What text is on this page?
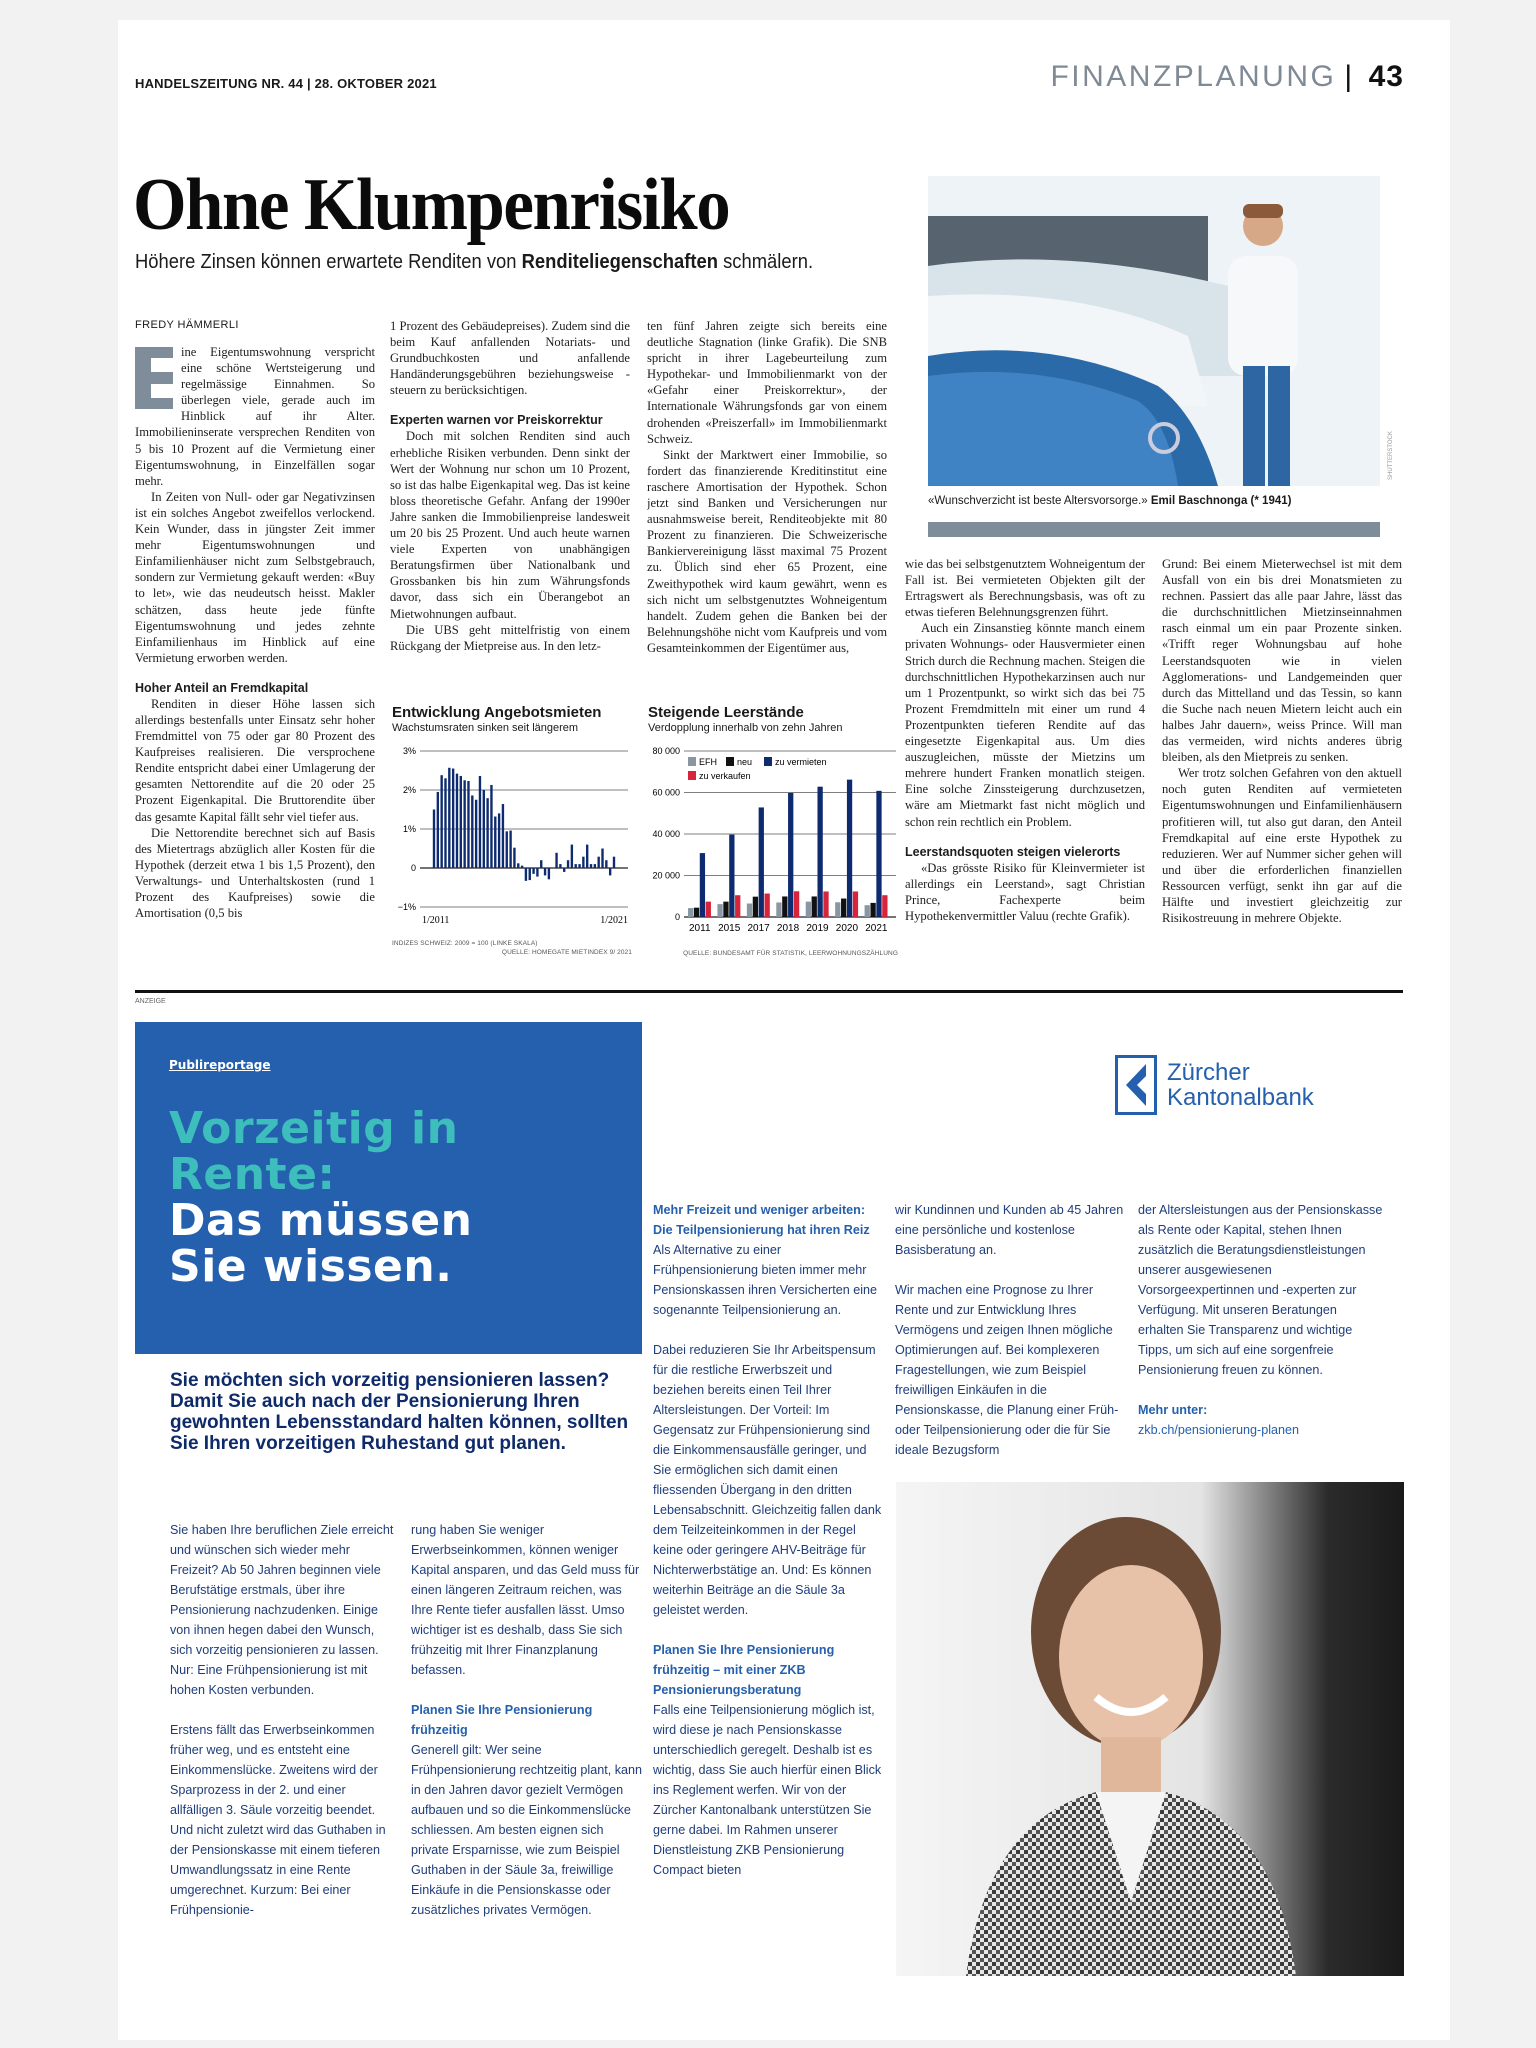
HANDELSZEITUNG NR. 44 | 28. OKTOBER 2021	FINANZPLANUNG | 43
Ohne Klumpenrisiko
Höhere Zinsen können erwartete Renditen von Renditeliegenschaften schmälern.
FREDY HÄMMERLI

ine Eigentumswohnung verspricht eine schöne Wertsteigerung und regelmässige Einnahmen. So überlegen viele, gerade auch im Hinblick auf ihr Alter. Immobilieninserate versprechen Renditen von 5 bis 10 Prozent auf die Vermietung einer Eigentumswohnung, in Einzelfällen sogar mehr.

In Zeiten von Null- oder gar Negativzinsen ist ein solches Angebot zweifellos verlockend. Kein Wunder, dass in jüngster Zeit immer mehr Eigentumswohnungen und Einfamilienhäuser nicht zum Selbstgebrauch, sondern zur Vermietung gekauft werden: «Buy to let», wie das neudeutsch heisst. Makler schätzen, dass heute jede fünfte Eigentumswohnung und jedes zehnte Einfamilienhaus im Hinblick auf eine Vermietung erworben werden.

Hoher Anteil an Fremdkapital

Renditen in dieser Höhe lassen sich allerdings bestenfalls unter Einsatz sehr hoher Fremdmittel von 75 oder gar 80 Prozent des Kaufpreises realisieren. Die versprochene Rendite entspricht dabei einer Umlagerung der gesamten Nettorendite auf die 20 oder 25 Prozent Eigenkapital. Die Bruttorendite über das gesamte Kapital fällt sehr viel tiefer aus.

Die Nettorendite berechnet sich auf Basis des Mietertrags abzüglich aller Kosten für die Hypothek (derzeit etwa 1 bis 1,5 Prozent), den Verwaltungs- und Unterhaltskosten (rund 1 Prozent des Kaufpreises) sowie die Amortisation (0,5 bis

1 Prozent des Gebäudepreises). Zudem sind die beim Kauf anfallenden Notariats- und Grundbuchkosten und anfallende Handänderungsgebühren beziehungsweise -steuern zu berücksichtigen.

Experten warnen vor Preiskorrektur

Doch mit solchen Renditen sind auch erhebliche Risiken verbunden. Denn sinkt der Wert der Wohnung nur schon um 10 Prozent, so ist das halbe Eigenkapital weg. Das ist keine bloss theoretische Gefahr. Anfang der 1990er Jahre sanken die Immobilienpreise landesweit um 20 bis 25 Prozent. Und auch heute warnen viele Experten von unabhängigen Beratungsfirmen über Nationalbank und Grossbanken bis hin zum Währungsfonds davor, dass sich ein Überangebot an Mietwohnungen aufbaut.

Die UBS geht mittelfristig von einem Rückgang der Mietpreise aus. In den letz-

ten fünf Jahren zeigte sich bereits eine deutliche Stagnation (linke Grafik). Die SNB spricht in ihrer Lagebeurteilung zum Hypothekar- und Immobilienmarkt von der «Gefahr einer Preiskorrektur», der Internationale Währungsfonds gar von einem drohenden «Preiszerfall» im Immobilienmarkt Schweiz.

Sinkt der Marktwert einer Immobilie, so fordert das finanzierende Kreditinstitut eine raschere Amortisation der Hypothek. Schon jetzt sind Banken und Versicherungen nur ausnahmsweise bereit, Renditeobjekte mit 80 Prozent zu finanzieren. Die Schweizerische Bankiervereinigung lässt maximal 75 Prozent zu. Üblich sind eher 65 Prozent, eine Zweithypothek wird kaum gewährt, wenn es sich nicht um selbstgenutztes Wohneigentum handelt. Zudem gehen die Banken bei der Belehnungshöhe nicht vom Kaufpreis und vom Gesamteinkommen der Eigentümer aus,

SHUTTERSTOCK
«Wunschverzicht ist beste Altersvorsorge.» Emil Baschnonga (* 1941)
Entwicklung Angebotsmieten
Wachstumsraten sinken seit längerem
3%
2%
1%
0
−1%
1/2011	1/2021
INDIZES SCHWEIZ: 2009 = 100 (LINKE SKALA)
QUELLE: HOMEGATE MIETINDEX 9/ 2021
Steigende Leerstände
Verdopplung innerhalb von zehn Jahren
80 000
60 000
40 000
20 000
0
2011 2015 2017 2018 2019 2020 2021
EFH neu	zu vermieten
zu verkaufen
QUELLE: BUNDESAMT FÜR STATISTIK, LEERWOHNUNGSZÄHLUNG

wie das bei selbstgenutztem Wohneigentum der Fall ist. Bei vermieteten Objekten gilt der Ertragswert als Berechnungsbasis, was oft zu etwas tieferen Belehnungsgrenzen führt.

Auch ein Zinsanstieg könnte manch einem privaten Wohnungs- oder Hausvermieter einen Strich durch die Rechnung machen. Steigen die durchschnittlichen Hypothekarzinsen auch nur um 1 Prozentpunkt, so wirkt sich das bei 75 Prozent Fremdmitteln mit einer um rund 4 Prozentpunkten tieferen Rendite auf das eingesetzte Eigenkapital aus. Um dies auszugleichen, müsste der Mietzins um mehrere hundert Franken monatlich steigen. Eine solche Zinssteigerung durchzusetzen, wäre am Mietmarkt fast nicht möglich und schon rein rechtlich ein Problem.

Leerstandsquoten steigen vielerorts

«Das grösste Risiko für Kleinvermieter ist allerdings ein Leerstand», sagt Christian Prince, Fachexperte beim Hypothekenvermittler Valuu (rechte Grafik).

Grund: Bei einem Mieterwechsel ist mit dem Ausfall von ein bis drei Monatsmieten zu rechnen. Passiert das alle paar Jahre, lässt das die durchschnittlichen Mietzinseinnahmen rasch einmal um ein paar Prozente sinken. «Trifft reger Wohnungsbau auf hohe Leerstandsquoten wie in vielen Agglomerations- und Landgemeinden quer durch das Mittelland und das Tessin, so kann die Suche nach neuen Mietern leicht auch ein halbes Jahr dauern», weiss Prince. Will man das vermeiden, wird nichts anderes übrig bleiben, als den Mietpreis zu senken.

Wer trotz solchen Gefahren von den aktuell noch guten Renditen auf vermieteten Eigentumswohnungen und Einfamilienhäusern profitieren will, tut also gut daran, den Anteil Fremdkapital auf eine erste Hypothek zu reduzieren. Wer auf Nummer sicher gehen will und über die erforderlichen finanziellen Ressourcen verfügt, senkt ihn gar auf die Hälfte und investiert gleichzeitig zur Risikostreuung in mehrere Objekte.

ANZEIGE
Publireportage
Vorzeitig in
Rente:
Das müssen
Sie wissen.
Zürcher
Kantonalbank
Sie möchten sich vorzeitig pensionieren lassen? Damit Sie auch nach der Pensionierung Ihren gewohnten Lebensstandard halten können, sollten Sie Ihren vorzeitigen Ruhestand gut planen.

Sie haben Ihre beruflichen Ziele erreicht und wünschen sich wieder mehr Freizeit? Ab 50 Jahren beginnen viele Berufstätige erstmals, über ihre Pensionierung nachzudenken. Einige von ihnen hegen dabei den Wunsch, sich vorzeitig pensionieren zu lassen. Nur: Eine Frühpensionierung ist mit hohen Kosten verbunden.

Erstens fällt das Erwerbseinkommen früher weg, und es entsteht eine Einkommenslücke. Zweitens wird der Sparprozess in der 2. und einer allfälligen 3. Säule vorzeitig beendet. Und nicht zuletzt wird das Guthaben in der Pensionskasse mit einem tieferen Umwandlungssatz in eine Rente umgerechnet. Kurzum: Bei einer Frühpensionie-

rung haben Sie weniger Erwerbseinkommen, können weniger Kapital ansparen, und das Geld muss für einen längeren Zeitraum reichen, was Ihre Rente tiefer ausfallen lässt. Umso wichtiger ist es deshalb, dass Sie sich frühzeitig mit Ihrer Finanzplanung befassen.

Planen Sie Ihre Pensionierung frühzeitig

Generell gilt: Wer seine Frühpensionierung rechtzeitig plant, kann in den Jahren davor gezielt Vermögen aufbauen und so die Einkommenslücke schliessen. Am besten eignen sich private Ersparnisse, wie zum Beispiel Guthaben in der Säule 3a, freiwillige Einkäufe in die Pensionskasse oder zusätzliches privates Vermögen.

Mehr Freizeit und weniger arbeiten: Die Teilpensionierung hat ihren Reiz

Als Alternative zu einer Frühpensionierung bieten immer mehr Pensionskassen ihren Versicherten eine sogenannte Teilpensionierung an.

Dabei reduzieren Sie Ihr Arbeitspensum für die restliche Erwerbszeit und beziehen bereits einen Teil Ihrer Altersleistungen. Der Vorteil: Im Gegensatz zur Frühpensionierung sind die Einkommensausfälle geringer, und Sie ermöglichen sich damit einen fliessenden Übergang in den dritten Lebensabschnitt. Gleichzeitig fallen dank dem Teilzeiteinkommen in der Regel keine oder geringere AHV-Beiträge für Nichterwerbstätige an. Und: Es können weiterhin Beiträge an die Säule 3a geleistet werden.

Planen Sie Ihre Pensionierung frühzeitig – mit einer ZKB Pensionierungsberatung

Falls eine Teilpensionierung möglich ist, wird diese je nach Pensionskasse unterschiedlich geregelt. Deshalb ist es wichtig, dass Sie auch hierfür einen Blick ins Reglement werfen. Wir von der Zürcher Kantonalbank unterstützen Sie gerne dabei. Im Rahmen unserer Dienstleistung ZKB Pensionierung Compact bieten

wir Kundinnen und Kunden ab 45 Jahren eine persönliche und kostenlose Basisberatung an.

Wir machen eine Prognose zu Ihrer Rente und zur Entwicklung Ihres Vermögens und zeigen Ihnen mögliche Optimierungen auf. Bei komplexeren Fragestellungen, wie zum Beispiel freiwilligen Einkäufen in die Pensionskasse, die Planung einer Früh- oder Teilpensionierung oder die für Sie ideale Bezugsform

der Altersleistungen aus der Pensionskasse als Rente oder Kapital, stehen Ihnen zusätzlich die Beratungsdienstleistungen unserer ausgewiesenen Vorsorgeexpertinnen und -experten zur Verfügung. Mit unseren Beratungen erhalten Sie Transparenz und wichtige Tipps, um sich auf eine sorgenfreie Pensionierung freuen zu können.

Mehr unter:
zkb.ch/pensionierung-planen
